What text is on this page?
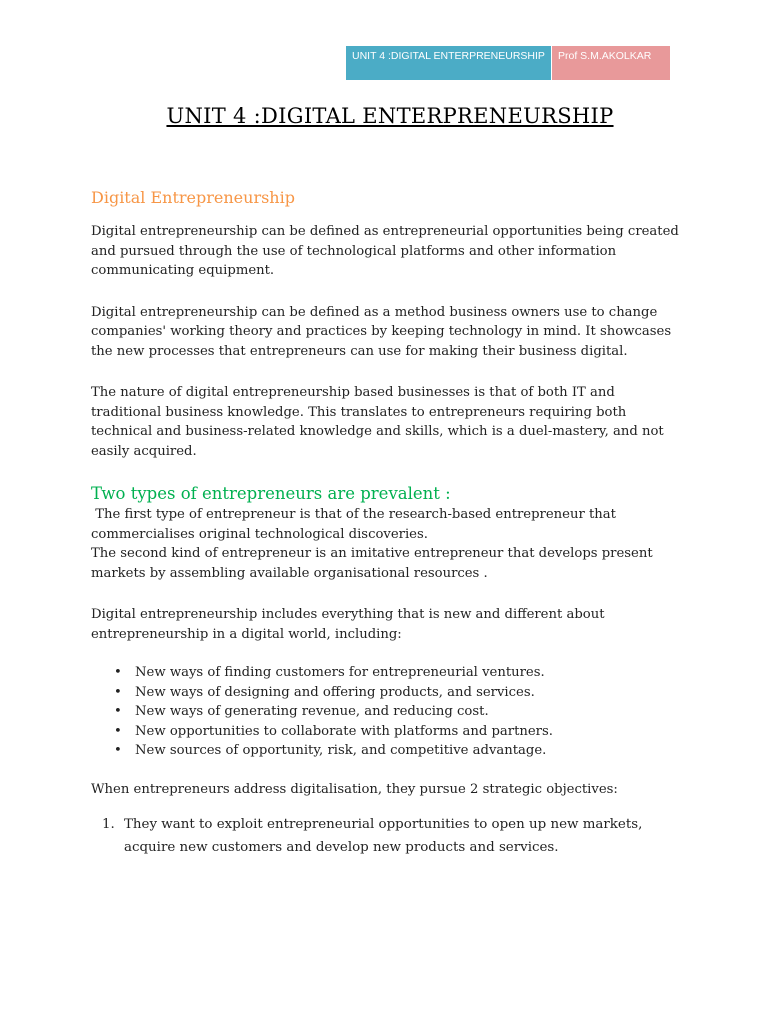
UNIT 4 :DIGITAL ENTERPRENEURSHIP	Prof S.M.AKOLKAR
UNIT 4 :DIGITAL ENTERPRENEURSHIP
Digital Entrepreneurship

Digital entrepreneurship can be defined as entrepreneurial opportunities being created and pursued through the use of technological platforms and other information communicating equipment.

Digital entrepreneurship can be defined as a method business owners use to change companies' working theory and practices by keeping technology in mind. It showcases the new processes that entrepreneurs can use for making their business digital.

The nature of digital entrepreneurship based businesses is that of both IT and traditional business knowledge. This translates to entrepreneurs requiring both technical and business-related knowledge and skills, which is a duel-mastery, and not easily acquired.

Two types of entrepreneurs are prevalent :

The first type of entrepreneur is that of the research-based entrepreneur that commercialises original technological discoveries.

The second kind of entrepreneur is an imitative entrepreneur that develops present markets by assembling available organisational resources .

Digital entrepreneurship includes everything that is new and different about entrepreneurship in a digital world, including:

• New ways of finding customers for entrepreneurial ventures.
• New ways of designing and offering products, and services.
• New ways of generating revenue, and reducing cost.
• New opportunities to collaborate with platforms and partners.
• New sources of opportunity, risk, and competitive advantage.

When entrepreneurs address digitalisation, they pursue 2 strategic objectives:

1. They want to exploit entrepreneurial opportunities to open up new markets, acquire new customers and develop new products and services.
